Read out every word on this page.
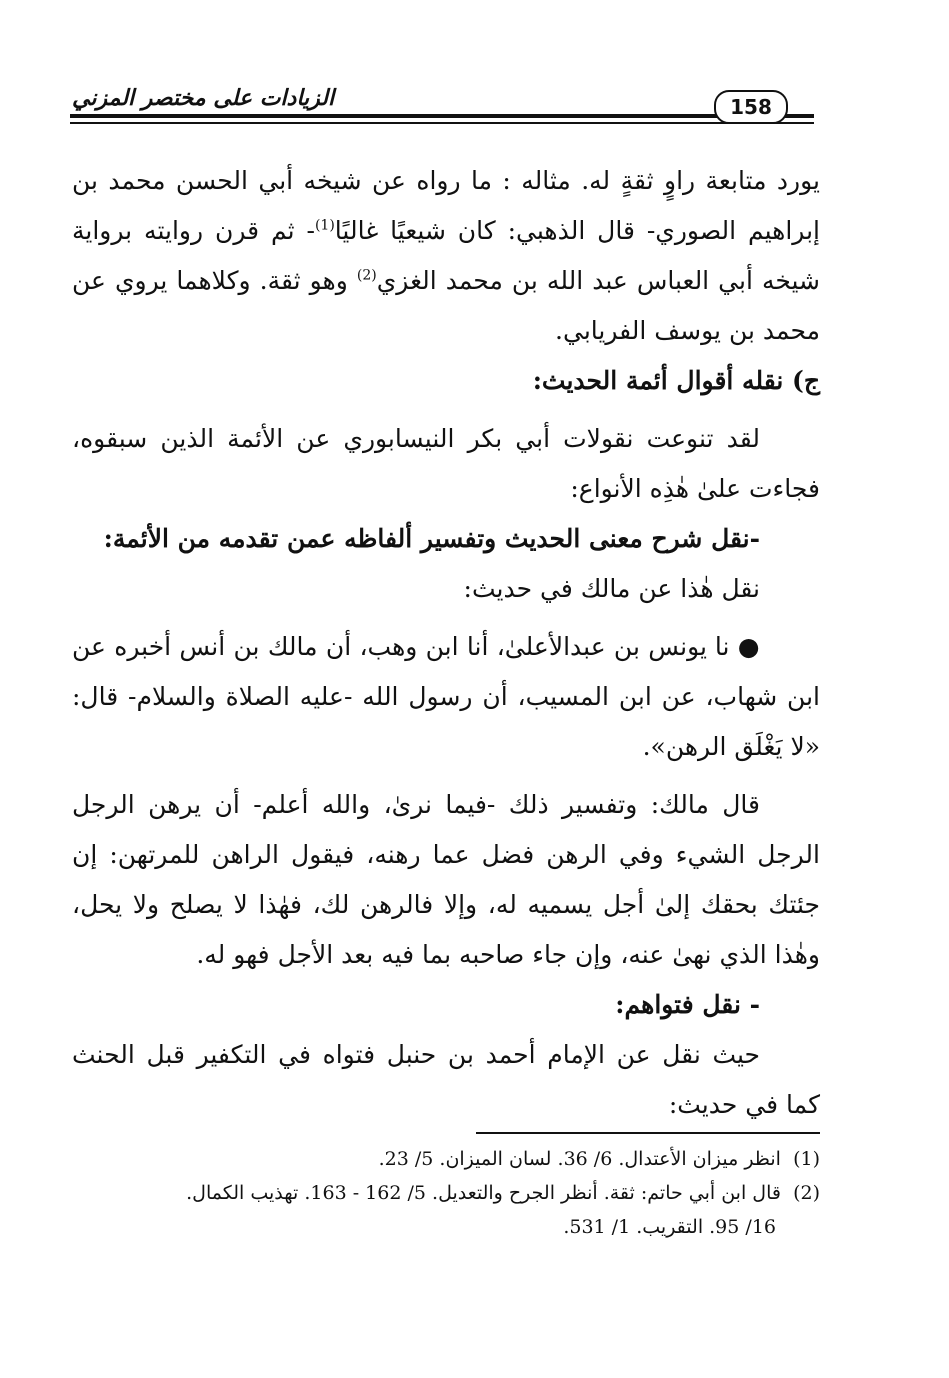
الزيادات على مختصر المزني	158

يورد متابعة راوٍ ثقةٍ له. مثاله : ما رواه عن شيخه أبي الحسن محمد بن إبراهيم الصوري- قال الذهبي: كان شيعيًا غاليًا$^{(1)}$- ثم قرن روايته برواية شيخه أبي العباس عبد الله بن محمد الغزي$^{(2)}$ وهو ثقة. وكلاهما يروي عن محمد بن يوسف الفريابي.

ج) نقله أقوال أئمة الحديث:

لقد تنوعت نقولات أبي بكر النيسابوري عن الأئمة الذين سبقوه، فجاءت علىٰ هٰذِه الأنواع:

-نقل شرح معنى الحديث وتفسير ألفاظه عمن تقدمه من الأئمة:

نقل هٰذا عن مالك في حديث:

● نا يونس بن عبدالأعلىٰ، أنا ابن وهب، أن مالك بن أنس أخبره عن ابن شهاب، عن ابن المسيب، أن رسول الله -عليه الصلاة والسلام- قال: «لا يَغْلَق الرهن».

قال مالك: وتفسير ذلك -فيما نرىٰ، والله أعلم- أن يرهن الرجل الرجل الشيء وفي الرهن فضل عما رهنه، فيقول الراهن للمرتهن: إن جئتك بحقك إلىٰ أجل يسميه له، وإلا فالرهن لك، فهٰذا لا يصلح ولا يحل، وهٰذا الذي نهىٰ عنه، وإن جاء صاحبه بما فيه بعد الأجل فهو له.

- نقل فتواهم:

حيث نقل عن الإمام أحمد بن حنبل فتواه في التكفير قبل الحنث كما في حديث:

(1)  انظر ميزان الأعتدال. 6/ 36. لسان الميزان. 5/ 23.

(2)  قال ابن أبي حاتم: ثقة. أنظر الجرح والتعديل. 5/ 162 - 163. تهذيب الكمال.

16/ 95. التقريب. 1/ 531.
